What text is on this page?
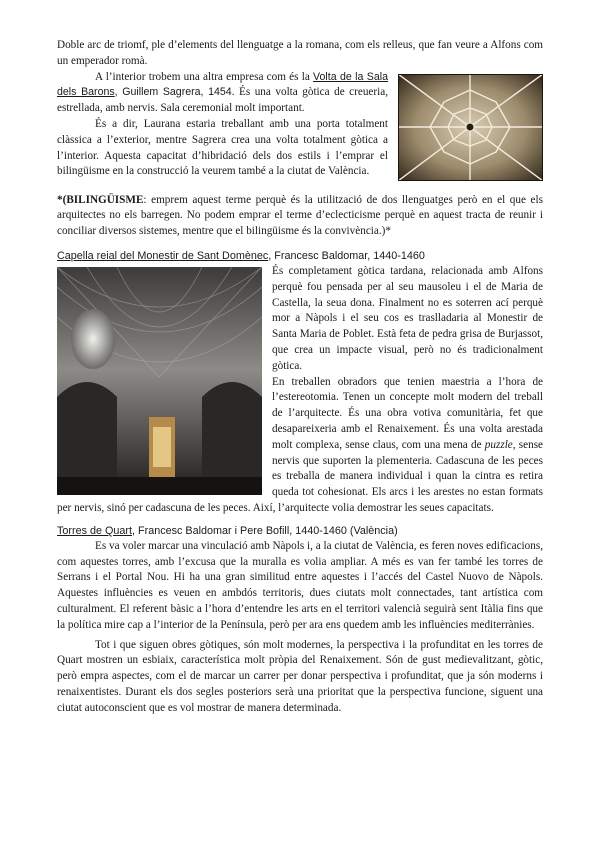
Doble arc de triomf, ple d’elements del llenguatge a la romana, com els relleus, que fan veure a Alfons com un emperador romà.

A l’interior trobem una altra empresa com és la Volta de la Sala dels Barons, Guillem Sagrera, 1454. És una volta gòtica de creueria, estrellada, amb nervis. Sala ceremonial molt important.

És a dir, Laurana estaria treballant amb una porta totalment clàssica a l’exterior, mentre Sagrera crea una volta totalment gòtica a l’interior. Aquesta capacitat d’hibridació dels dos estils i l’emprar el bilingüisme en la construcció la veurem també a la ciutat de València.

*(BILINGÜISME: emprem aquest terme perquè és la utilització de dos llenguatges però en el que els arquitectes no els barregen. No podem emprar el terme d’eclecticisme perquè en aquest tracta de reunir i conciliar diversos sistemes, mentre que el bilingüisme és la convivència.)*

Capella reial del Monestir de Sant Domènec, Francesc Baldomar, 1440-1460

És completament gòtica tardana, relacionada amb Alfons perquè fou pensada per al seu mausoleu i el de Maria de Castella, la seua dona. Finalment no es soterren ací perquè mor a Nàpols i el seu cos es traslladaria al Monestir de Santa Maria de Poblet. Està feta de pedra grisa de Burjassot, que crea un impacte visual, però no és tradicionalment gòtica.

En treballen obradors que tenien maestria a l’hora de l’estereotomia. Tenen un concepte molt modern del treball de l’arquitecte. És una obra votiva comunitària, fet que desapareixeria amb el Renaixement. És una volta arestada molt complexa, sense claus, com una mena de puzzle, sense nervis que suporten la plementeria. Cadascuna de les peces es treballa de manera individual i quan la cintra es retira queda tot cohesionat. Els arcs i les arestes no estan formats per nervis, sinó per cadascuna de les peces. Així, l’arquitecte volia demostrar les seues capacitats.

Torres de Quart, Francesc Baldomar i Pere Bofill, 1440-1460 (València)

Es va voler marcar una vinculació amb Nàpols i, a la ciutat de València, es feren noves edificacions, com aquestes torres, amb l’excusa que la muralla es volia ampliar. A més es van fer també les torres de Serrans i el Portal Nou. Hi ha una gran similitud entre aquestes i l’accés del Castel Nuovo de Nàpols. Aquestes influències es veuen en ambdós territoris, dues ciutats molt connectades, tant artística com culturalment. El referent bàsic a l’hora d’entendre les arts en el territori valencià seguirà sent Itàlia fins que la política mire cap a l’interior de la Península, però per ara ens quedem amb les influències mediterrànies.

Tot i que siguen obres gòtiques, són molt modernes, la perspectiva i la profunditat en les torres de Quart mostren un esbiaix, característica molt pròpia del Renaixement. Són de gust medievalitzant, gòtic, però empra aspectes, com el de marcar un carrer per donar perspectiva i profunditat, que ja són moderns i renaixentistes. Durant els dos segles posteriors serà una prioritat que la perspectiva funcione, siguent una ciutat autoconscient que es vol mostrar de manera determinada.
